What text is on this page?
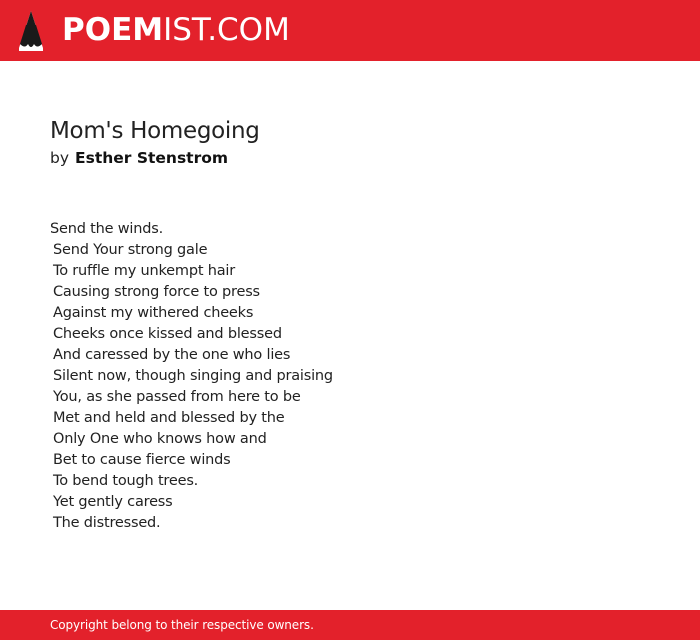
POEMIST.COM
Mom's Homegoing
by Esther Stenstrom
Send the winds.
Send Your strong gale
To ruffle my unkempt hair
Causing strong force to press
Against my withered cheeks
Cheeks once kissed and blessed
And caressed by the one who lies
Silent now, though singing and praising
You, as she passed from here to be
Met and held and blessed by the
Only One who knows how and
Bet to cause fierce winds
To bend tough trees.
Yet gently caress
The distressed.
Copyright belong to their respective owners.
